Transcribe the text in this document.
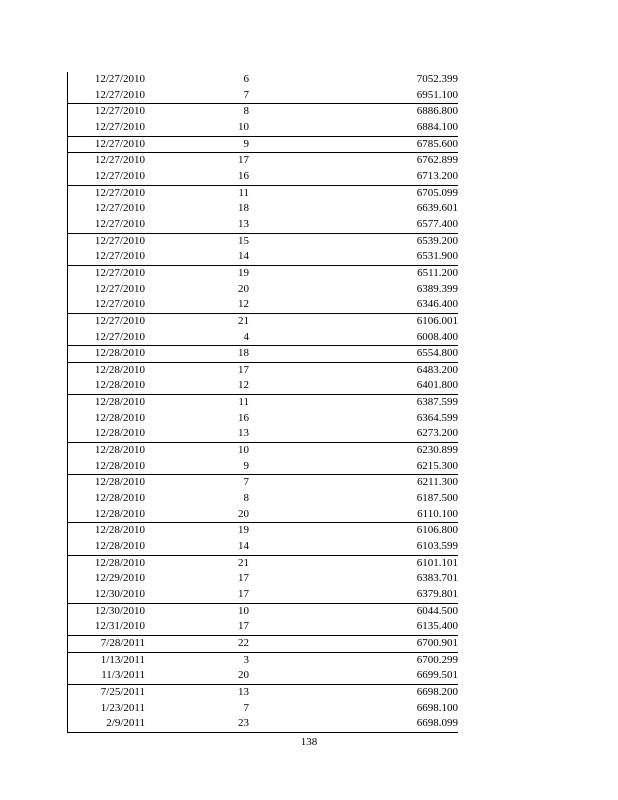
12/27/2010	6	7052.399
12/27/2010	7	6951.100
12/27/2010	8	6886.800
12/27/2010	10	6884.100
12/27/2010	9	6785.600
12/27/2010	17	6762.899
12/27/2010	16	6713.200
12/27/2010	11	6705.099
12/27/2010	18	6639.601
12/27/2010	13	6577.400
12/27/2010	15	6539.200
12/27/2010	14	6531.900
12/27/2010	19	6511.200
12/27/2010	20	6389.399
12/27/2010	12	6346.400
12/27/2010	21	6106.001
12/27/2010	4	6008.400
12/28/2010	18	6554.800
12/28/2010	17	6483.200
12/28/2010	12	6401.800
12/28/2010	11	6387.599
12/28/2010	16	6364.599
12/28/2010	13	6273.200
12/28/2010	10	6230.899
12/28/2010	9	6215.300
12/28/2010	7	6211.300
12/28/2010	8	6187.500
12/28/2010	20	6110.100
12/28/2010	19	6106.800
12/28/2010	14	6103.599
12/28/2010	21	6101.101
12/29/2010	17	6383.701
12/30/2010	17	6379.801
12/30/2010	10	6044.500
12/31/2010	17	6135.400
7/28/2011	22	6700.901
1/13/2011	3	6700.299
11/3/2011	20	6699.501
7/25/2011	13	6698.200
1/23/2011	7	6698.100
2/9/2011	23	6698.099
138
